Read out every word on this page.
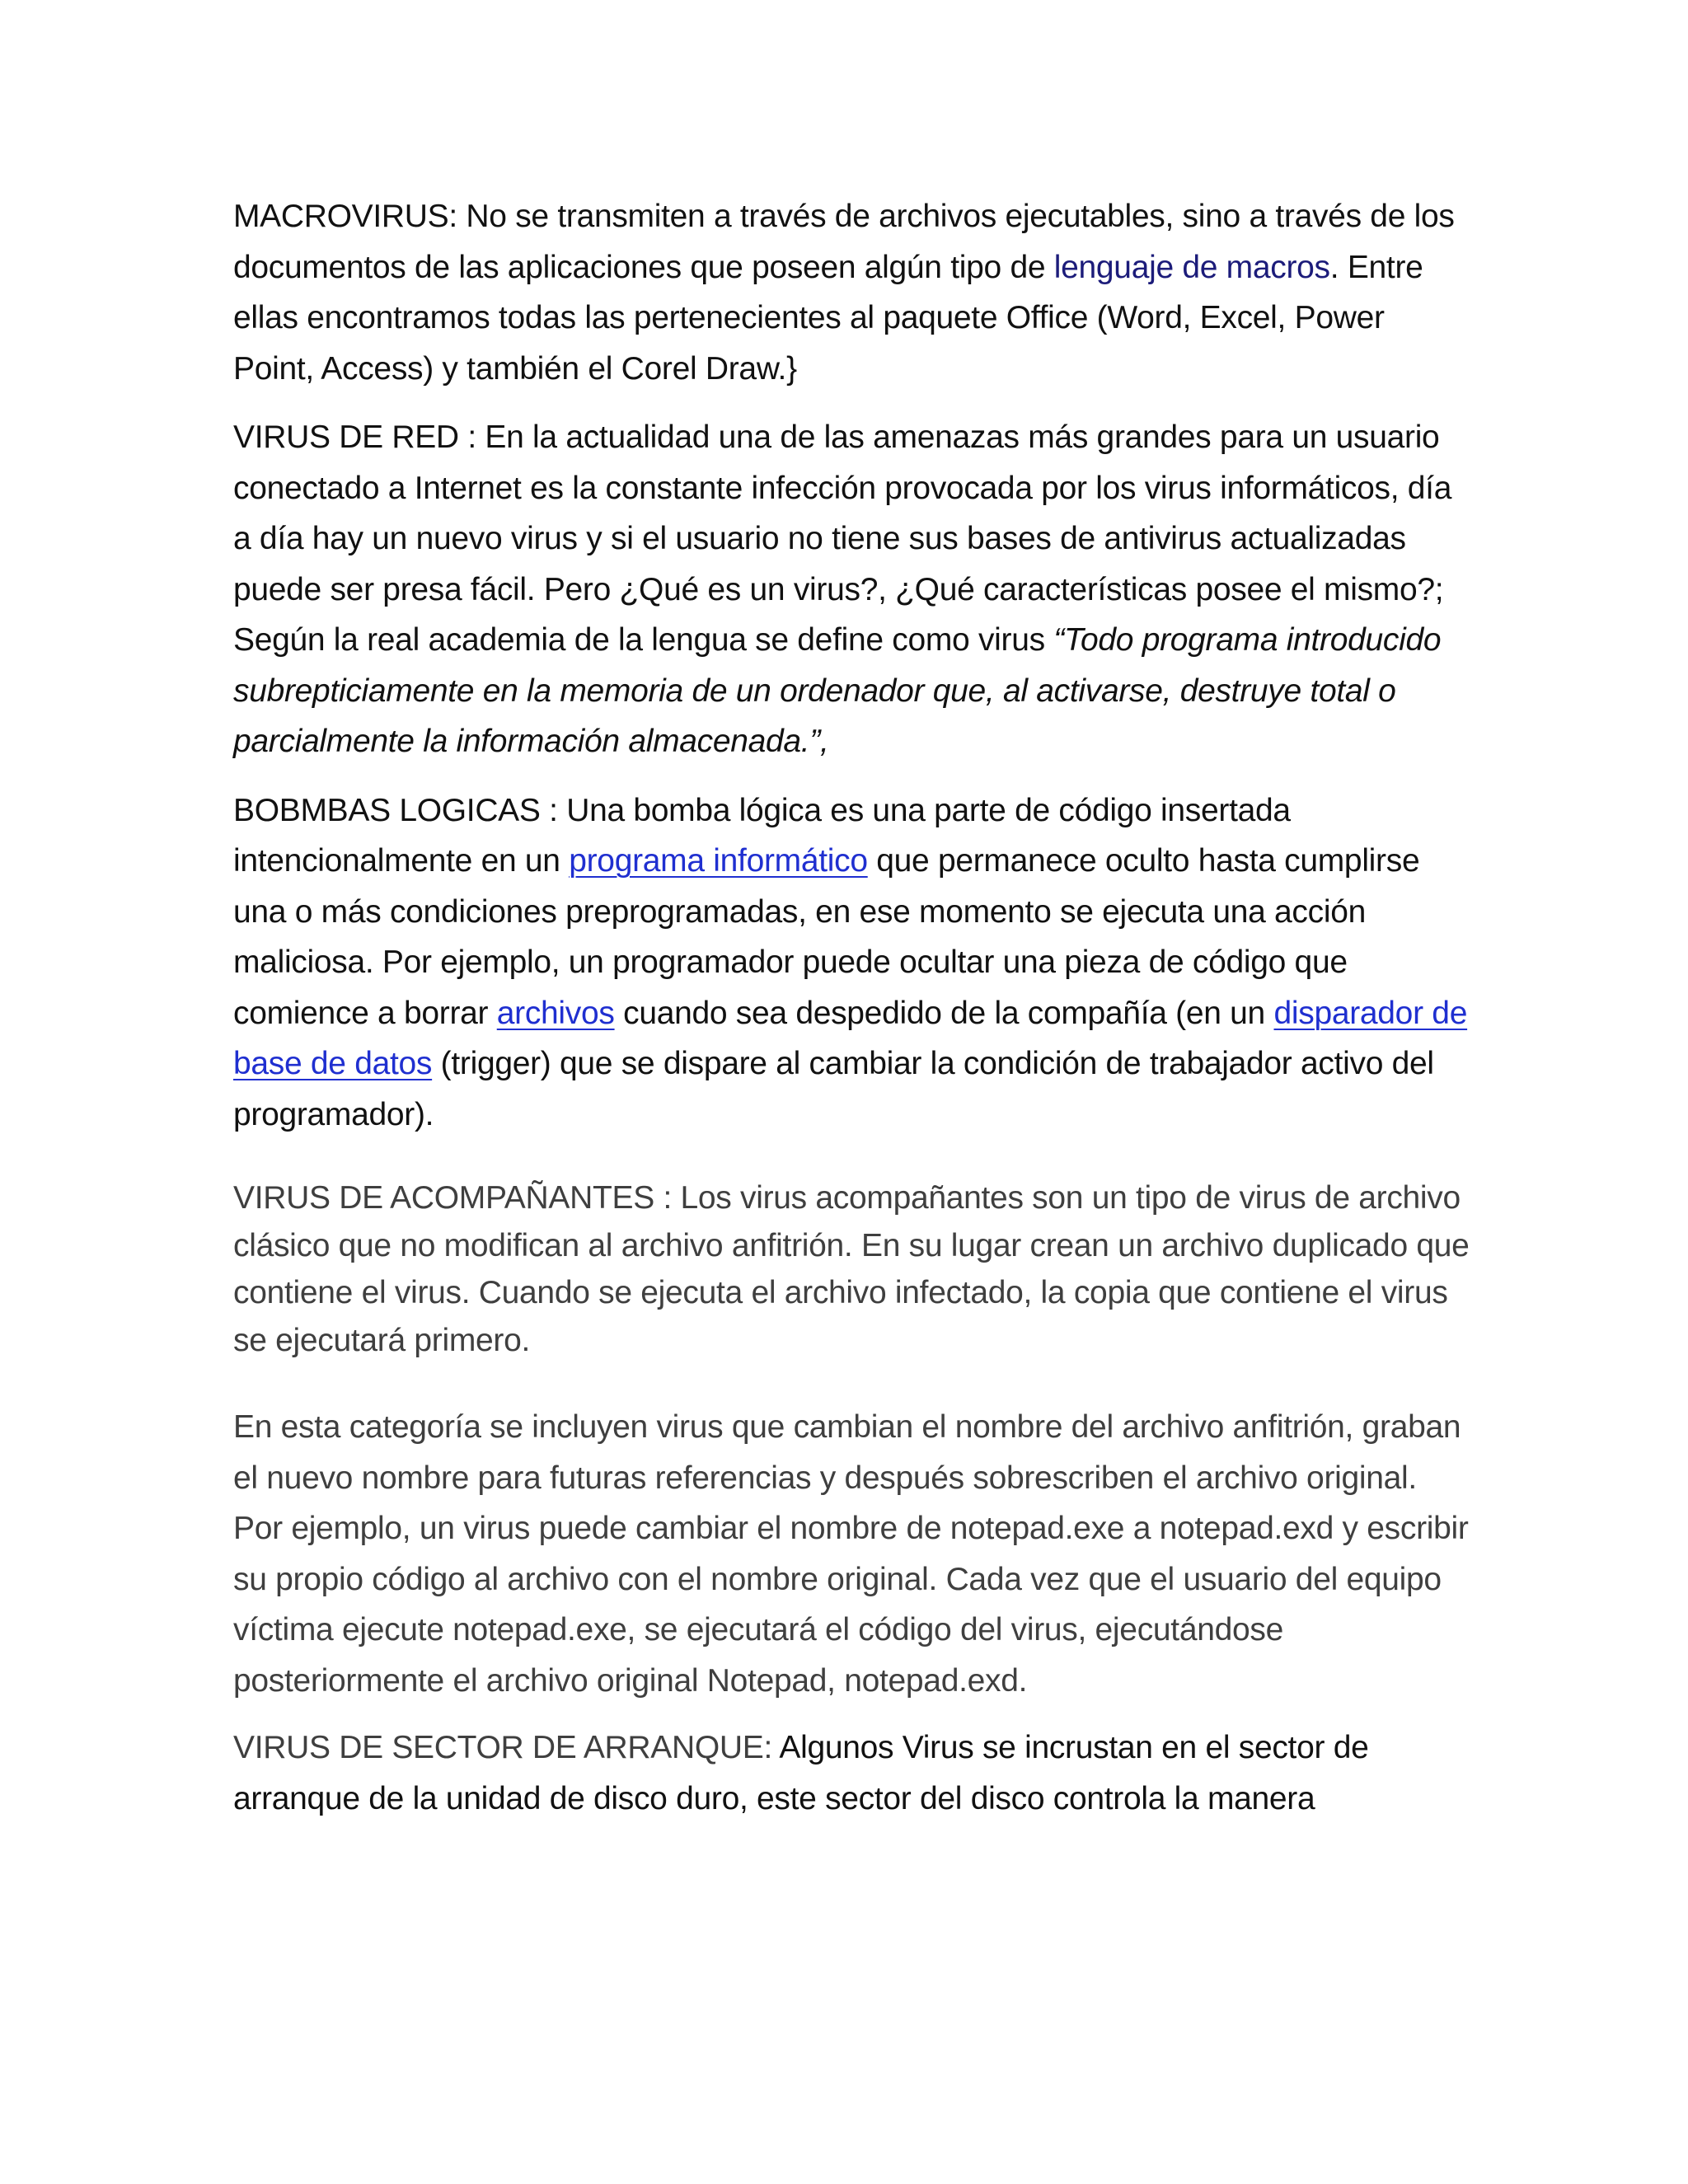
MACROVIRUS: No se transmiten a través de archivos ejecutables, sino a través de los documentos de las aplicaciones que poseen algún tipo de lenguaje de macros. Entre ellas encontramos todas las pertenecientes al paquete Office (Word, Excel, Power Point, Access) y también el Corel Draw.}

VIRUS DE RED : En la actualidad una de las amenazas más grandes para un usuario conectado a Internet es la constante infección provocada por los virus informáticos, día a día hay un nuevo virus y si el usuario no tiene sus bases de antivirus actualizadas puede ser presa fácil. Pero ¿Qué es un virus?, ¿Qué características posee el mismo?; Según la real academia de la lengua se define como virus “Todo programa introducido subrepticiamente en la memoria de un ordenador que, al activarse, destruye total o parcialmente la información almacenada.”,

BOBMBAS LOGICAS : Una bomba lógica es una parte de código insertada intencionalmente en un programa informático que permanece oculto hasta cumplirse una o más condiciones preprogramadas, en ese momento se ejecuta una acción maliciosa. Por ejemplo, un programador puede ocultar una pieza de código que comience a borrar archivos cuando sea despedido de la compañía (en un disparador de base de datos (trigger) que se dispare al cambiar la condición de trabajador activo del programador).

VIRUS DE ACOMPAÑANTES : Los virus acompañantes son un tipo de virus de archivo clásico que no modifican al archivo anfitrión. En su lugar crean un archivo duplicado que contiene el virus. Cuando se ejecuta el archivo infectado, la copia que contiene el virus se ejecutará primero.

En esta categoría se incluyen virus que cambian el nombre del archivo anfitrión, graban el nuevo nombre para futuras referencias y después sobrescriben el archivo original. Por ejemplo, un virus puede cambiar el nombre de notepad.exe a notepad.exd y escribir su propio código al archivo con el nombre original. Cada vez que el usuario del equipo víctima ejecute notepad.exe, se ejecutará el código del virus, ejecutándose posteriormente el archivo original Notepad, notepad.exd.

VIRUS DE SECTOR DE ARRANQUE: Algunos Virus se incrustan en el sector de arranque de la unidad de disco duro, este sector del disco controla la manera
